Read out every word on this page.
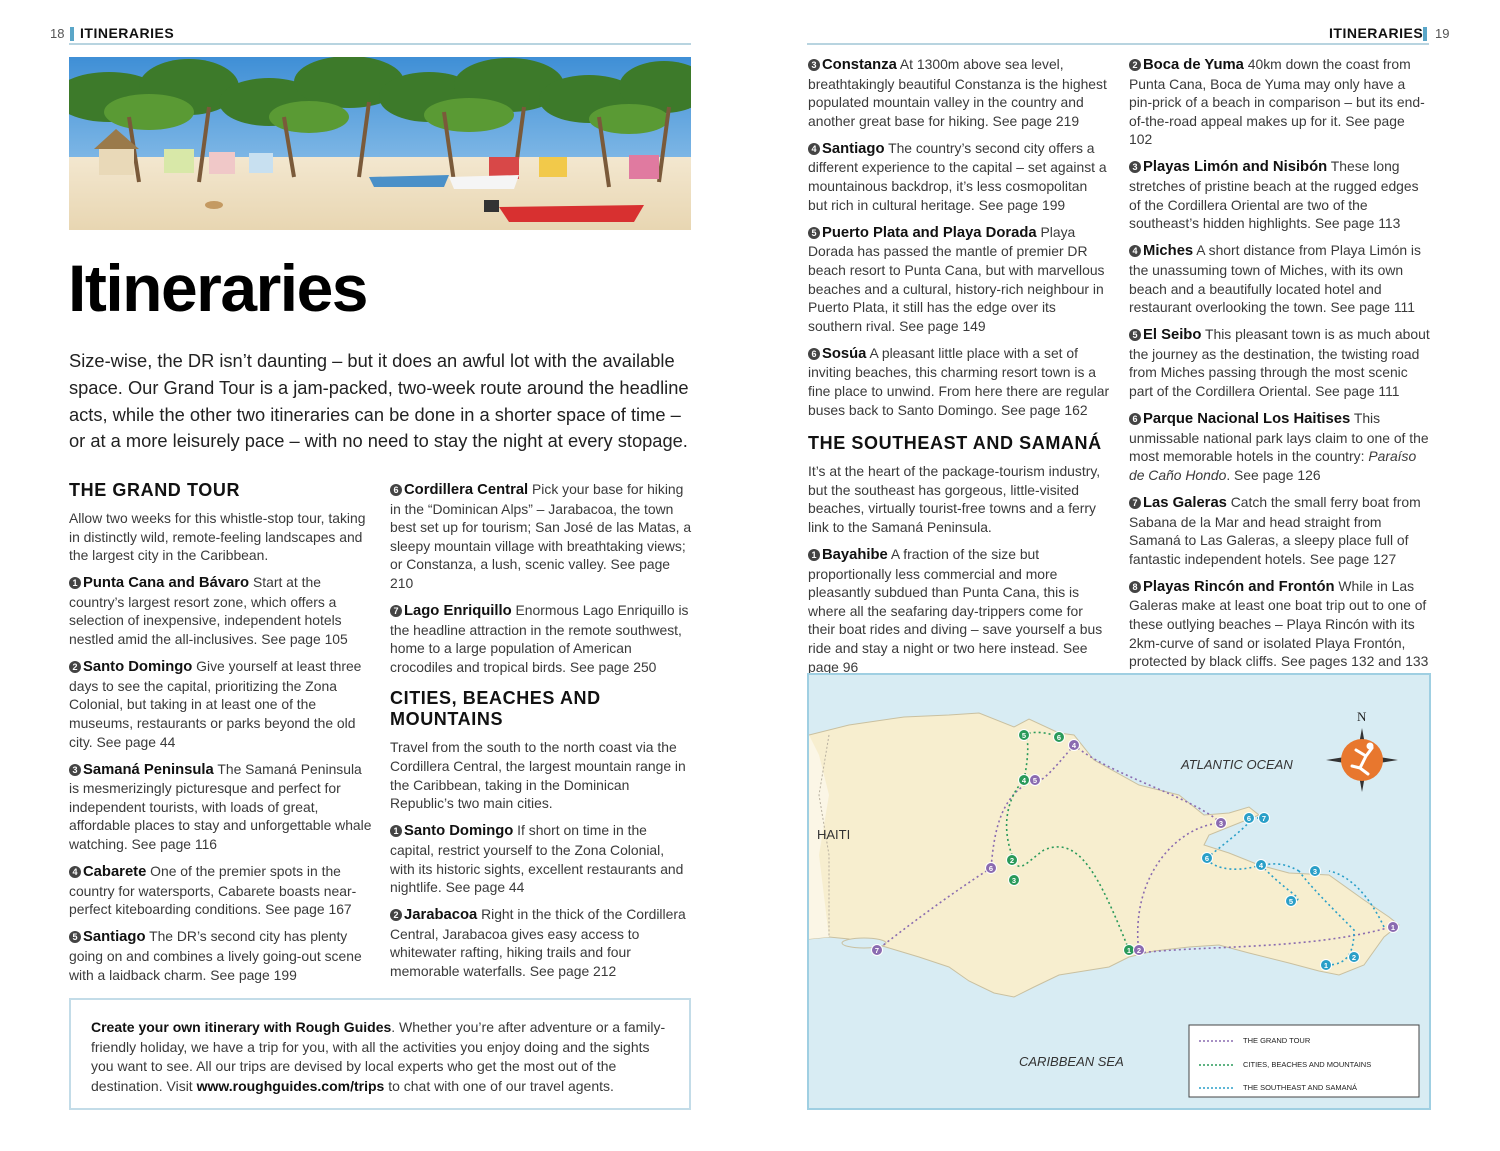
18 ITINERARIES	ITINERARIES 19
Itineraries
Size-wise, the DR isn’t daunting – but it does an awful lot with the available space. Our Grand Tour is a jam-packed, two-week route around the headline acts, while the other two itineraries can be done in a shorter space of time – or at a more leisurely pace – with no need to stay the night at every stopage.
THE GRAND TOUR

Allow two weeks for this whistle-stop tour, taking in distinctly wild, remote-feeling landscapes and the largest city in the Caribbean.

1 Punta Cana and Bávaro Start at the country’s largest resort zone, which offers a selection of inexpensive, independent hotels nestled amid the all-inclusives. See page 105

2 Santo Domingo Give yourself at least three days to see the capital, prioritizing the Zona Colonial, but taking in at least one of the museums, restaurants or parks beyond the old city. See page 44

3 Samaná Peninsula The Samaná Peninsula is mesmerizingly picturesque and perfect for independent tourists, with loads of great, affordable places to stay and unforgettable whale watching. See page 116

4 Cabarete One of the premier spots in the country for watersports, Cabarete boasts near-perfect kiteboarding conditions. See page 167

5 Santiago The DR’s second city has plenty going on and combines a lively going-out scene with a laidback charm. See page 199

6 Cordillera Central Pick your base for hiking in the “Dominican Alps” – Jarabacoa, the town best set up for tourism; San José de las Matas, a sleepy mountain village with breathtaking views; or Constanza, a lush, scenic valley. See page 210

7 Lago Enriquillo Enormous Lago Enriquillo is the headline attraction in the remote southwest, home to a large population of American crocodiles and tropical birds. See page 250

CITIES, BEACHES AND
MOUNTAINS

Travel from the south to the north coast via the Cordillera Central, the largest mountain range in the Caribbean, taking in the Dominican Republic’s two main cities.

1 Santo Domingo If short on time in the capital, restrict yourself to the Zona Colonial, with its historic sights, excellent restaurants and nightlife. See page 44

2 Jarabacoa Right in the thick of the Cordillera Central, Jarabacoa gives easy access to whitewater rafting, hiking trails and four memorable waterfalls. See page 212

Create your own itinerary with Rough Guides. Whether you’re after adventure or a family-friendly holiday, we have a trip for you, with all the activities you enjoy doing and the sights you want to see. All our trips are devised by local experts who get the most out of the destination. Visit www.roughguides.com/trips to chat with one of our travel agents.

3 Constanza At 1300m above sea level, breathtakingly beautiful Constanza is the highest populated mountain valley in the country and another great base for hiking. See page 219

4 Santiago The country’s second city offers a different experience to the capital – set against a mountainous backdrop, it’s less cosmopolitan but rich in cultural heritage. See page 199

5 Puerto Plata and Playa Dorada Playa Dorada has passed the mantle of premier DR beach resort to Punta Cana, but with marvellous beaches and a cultural, history-rich neighbour in Puerto Plata, it still has the edge over its southern rival. See page 149

6 Sosúa A pleasant little place with a set of inviting beaches, this charming resort town is a fine place to unwind. From here there are regular buses back to Santo Domingo. See page 162

THE SOUTHEAST AND SAMANÁ

It’s at the heart of the package-tourism industry, but the southeast has gorgeous, little-visited beaches, virtually tourist-free towns and a ferry link to the Samaná Peninsula.

1 Bayahibe A fraction of the size but proportionally less commercial and more pleasantly subdued than Punta Cana, this is where all the seafaring day-trippers come for their boat rides and diving – save yourself a bus ride and stay a night or two here instead. See page 96

2 Boca de Yuma 40km down the coast from Punta Cana, Boca de Yuma may only have a pin-prick of a beach in comparison – but its end-of-the-road appeal makes up for it. See page 102

3 Playas Limón and Nisibón These long stretches of pristine beach at the rugged edges of the Cordillera Oriental are two of the southeast’s hidden highlights. See page 113

4 Miches A short distance from Playa Limón is the unassuming town of Miches, with its own beach and a beautifully located hotel and restaurant overlooking the town. See page 111

5 El Seibo This pleasant town is as much about the journey as the destination, the twisting road from Miches passing through the most scenic part of the Cordillera Oriental. See page 111

6 Parque Nacional Los Haitises This unmissable national park lays claim to one of the most memorable hotels in the country: Paraíso de Caño Hondo. See page 126

7 Las Galeras Catch the small ferry boat from Sabana de la Mar and head straight from Samaná to Las Galeras, a sleepy place full of fantastic independent hotels. See page 127

8 Playas Rincón and Frontón While in Las Galeras make at least one boat trip out to one of these outlying beaches – Playa Rincón with its 2km-curve of sand or isolated Playa Frontón, protected by black cliffs. See pages 132 and 133

5	6
4
4 5
3
2
3
6
7	1 2
1
6 7
6
4
3
5
2
1
HAITI
ATLANTIC OCEAN
CARIBBEAN SEA
N
THE GRAND TOUR
CITIES, BEACHES AND MOUNTAINS
THE SOUTHEAST AND SAMANÁ
